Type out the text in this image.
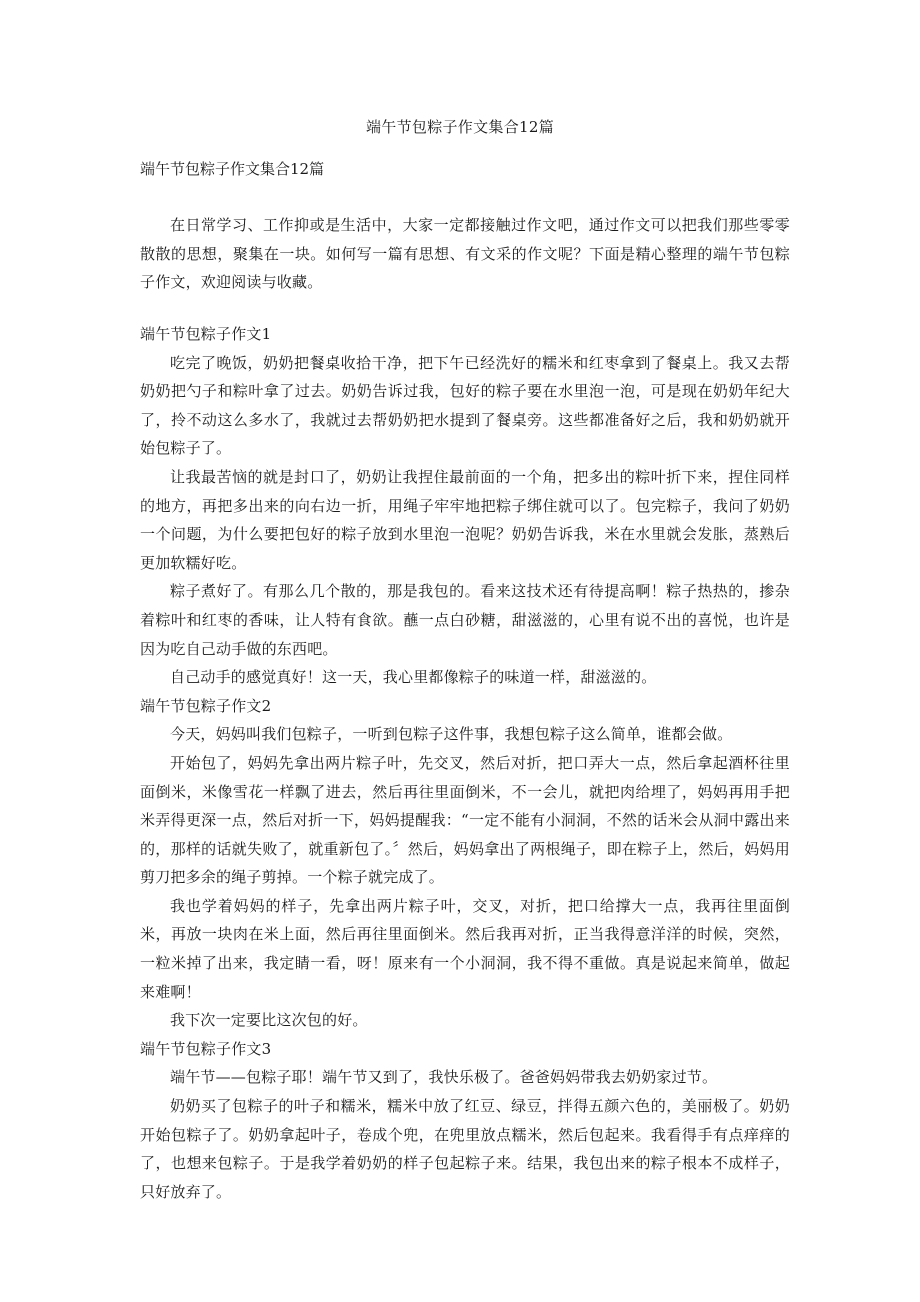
端午节包粽子作文集合12篇
端午节包粽子作文集合12篇

在日常学习、工作抑或是生活中，大家一定都接触过作文吧，通过作文可以把我们那些零零散散的思想，聚集在一块。如何写一篇有思想、有文采的作文呢？下面是精心整理的端午节包粽子作文，欢迎阅读与收藏。

端午节包粽子作文1

吃完了晚饭，奶奶把餐桌收拾干净，把下午已经洗好的糯米和红枣拿到了餐桌上。我又去帮奶奶把勺子和粽叶拿了过去。奶奶告诉过我，包好的粽子要在水里泡一泡，可是现在奶奶年纪大了，拎不动这么多水了，我就过去帮奶奶把水提到了餐桌旁。这些都准备好之后，我和奶奶就开始包粽子了。

让我最苦恼的就是封口了，奶奶让我捏住最前面的一个角，把多出的粽叶折下来，捏住同样的地方，再把多出来的向右边一折，用绳子牢牢地把粽子绑住就可以了。包完粽子，我问了奶奶一个问题，为什么要把包好的粽子放到水里泡一泡呢？奶奶告诉我，米在水里就会发胀，蒸熟后更加软糯好吃。

粽子煮好了。有那么几个散的，那是我包的。看来这技术还有待提高啊！粽子热热的，掺杂着粽叶和红枣的香味，让人特有食欲。蘸一点白砂糖，甜滋滋的，心里有说不出的喜悦，也许是因为吃自己动手做的东西吧。

自己动手的感觉真好！这一天，我心里都像粽子的味道一样，甜滋滋的。

端午节包粽子作文2

今天，妈妈叫我们包粽子，一听到包粽子这件事，我想包粽子这么简单，谁都会做。

开始包了，妈妈先拿出两片粽子叶，先交叉，然后对折，把口弄大一点，然后拿起酒杯往里面倒米，米像雪花一样飘了进去，然后再往里面倒米，不一会儿，就把肉给埋了，妈妈再用手把米弄得更深一点，然后对折一下，妈妈提醒我：“一定不能有小洞洞，不然的话米会从洞中露出来的，那样的话就失败了，就重新包了。〞然后，妈妈拿出了两根绳子，即在粽子上，然后，妈妈用剪刀把多余的绳子剪掉。一个粽子就完成了。

我也学着妈妈的样子，先拿出两片粽子叶，交叉，对折，把口给撑大一点，我再往里面倒米，再放一块肉在米上面，然后再往里面倒米。然后我再对折，正当我得意洋洋的时候，突然，一粒米掉了出来，我定睛一看，呀！原来有一个小洞洞，我不得不重做。真是说起来简单，做起来难啊！

我下次一定要比这次包的好。

端午节包粽子作文3

端午节——包粽子耶！端午节又到了，我快乐极了。爸爸妈妈带我去奶奶家过节。

奶奶买了包粽子的叶子和糯米，糯米中放了红豆、绿豆，拌得五颜六色的，美丽极了。奶奶开始包粽子了。奶奶拿起叶子，卷成个兜，在兜里放点糯米，然后包起来。我看得手有点痒痒的了，也想来包粽子。于是我学着奶奶的样子包起粽子来。结果，我包出来的粽子根本不成样子，只好放弃了。
